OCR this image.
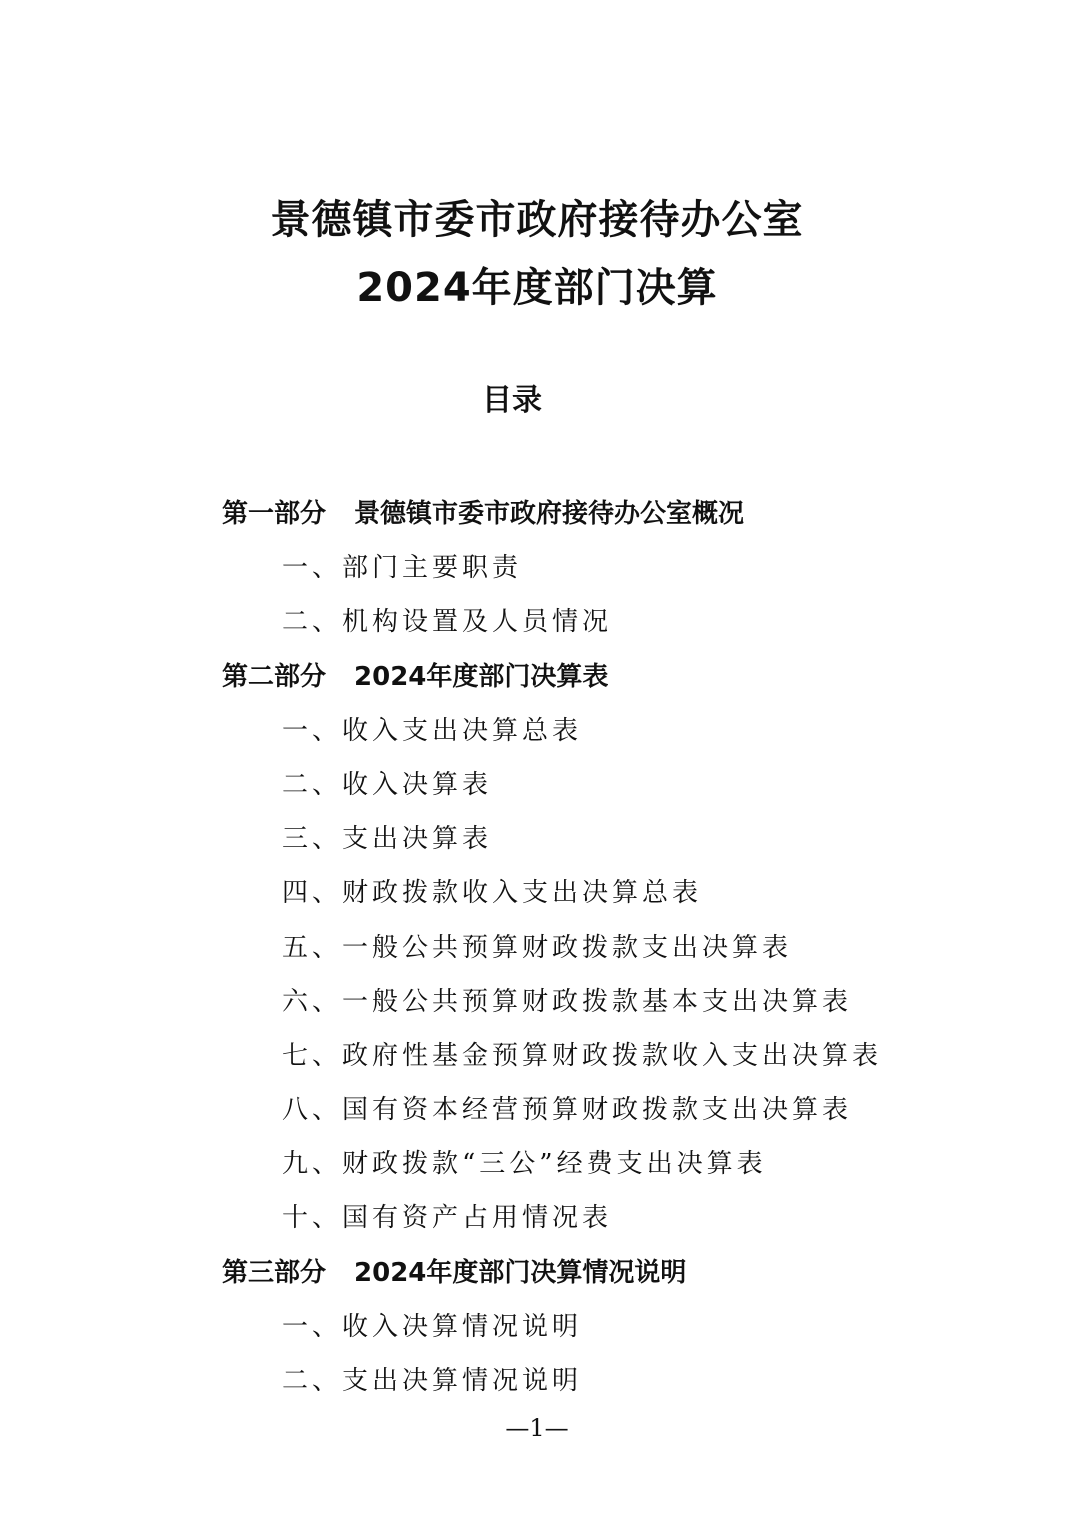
景德镇市委市政府接待办公室
2024年度部门决算
目录
第一部分 景德镇市委市政府接待办公室概况
一、部门主要职责
二、机构设置及人员情况
第二部分 2024年度部门决算表
一、收入支出决算总表
二、收入决算表
三、支出决算表
四、财政拨款收入支出决算总表
五、一般公共预算财政拨款支出决算表
六、一般公共预算财政拨款基本支出决算表
七、政府性基金预算财政拨款收入支出决算表
八、国有资本经营预算财政拨款支出决算表
九、财政拨款“三公”经费支出决算表
十、国有资产占用情况表
第三部分 2024年度部门决算情况说明
一、收入决算情况说明
二、支出决算情况说明
—1—
